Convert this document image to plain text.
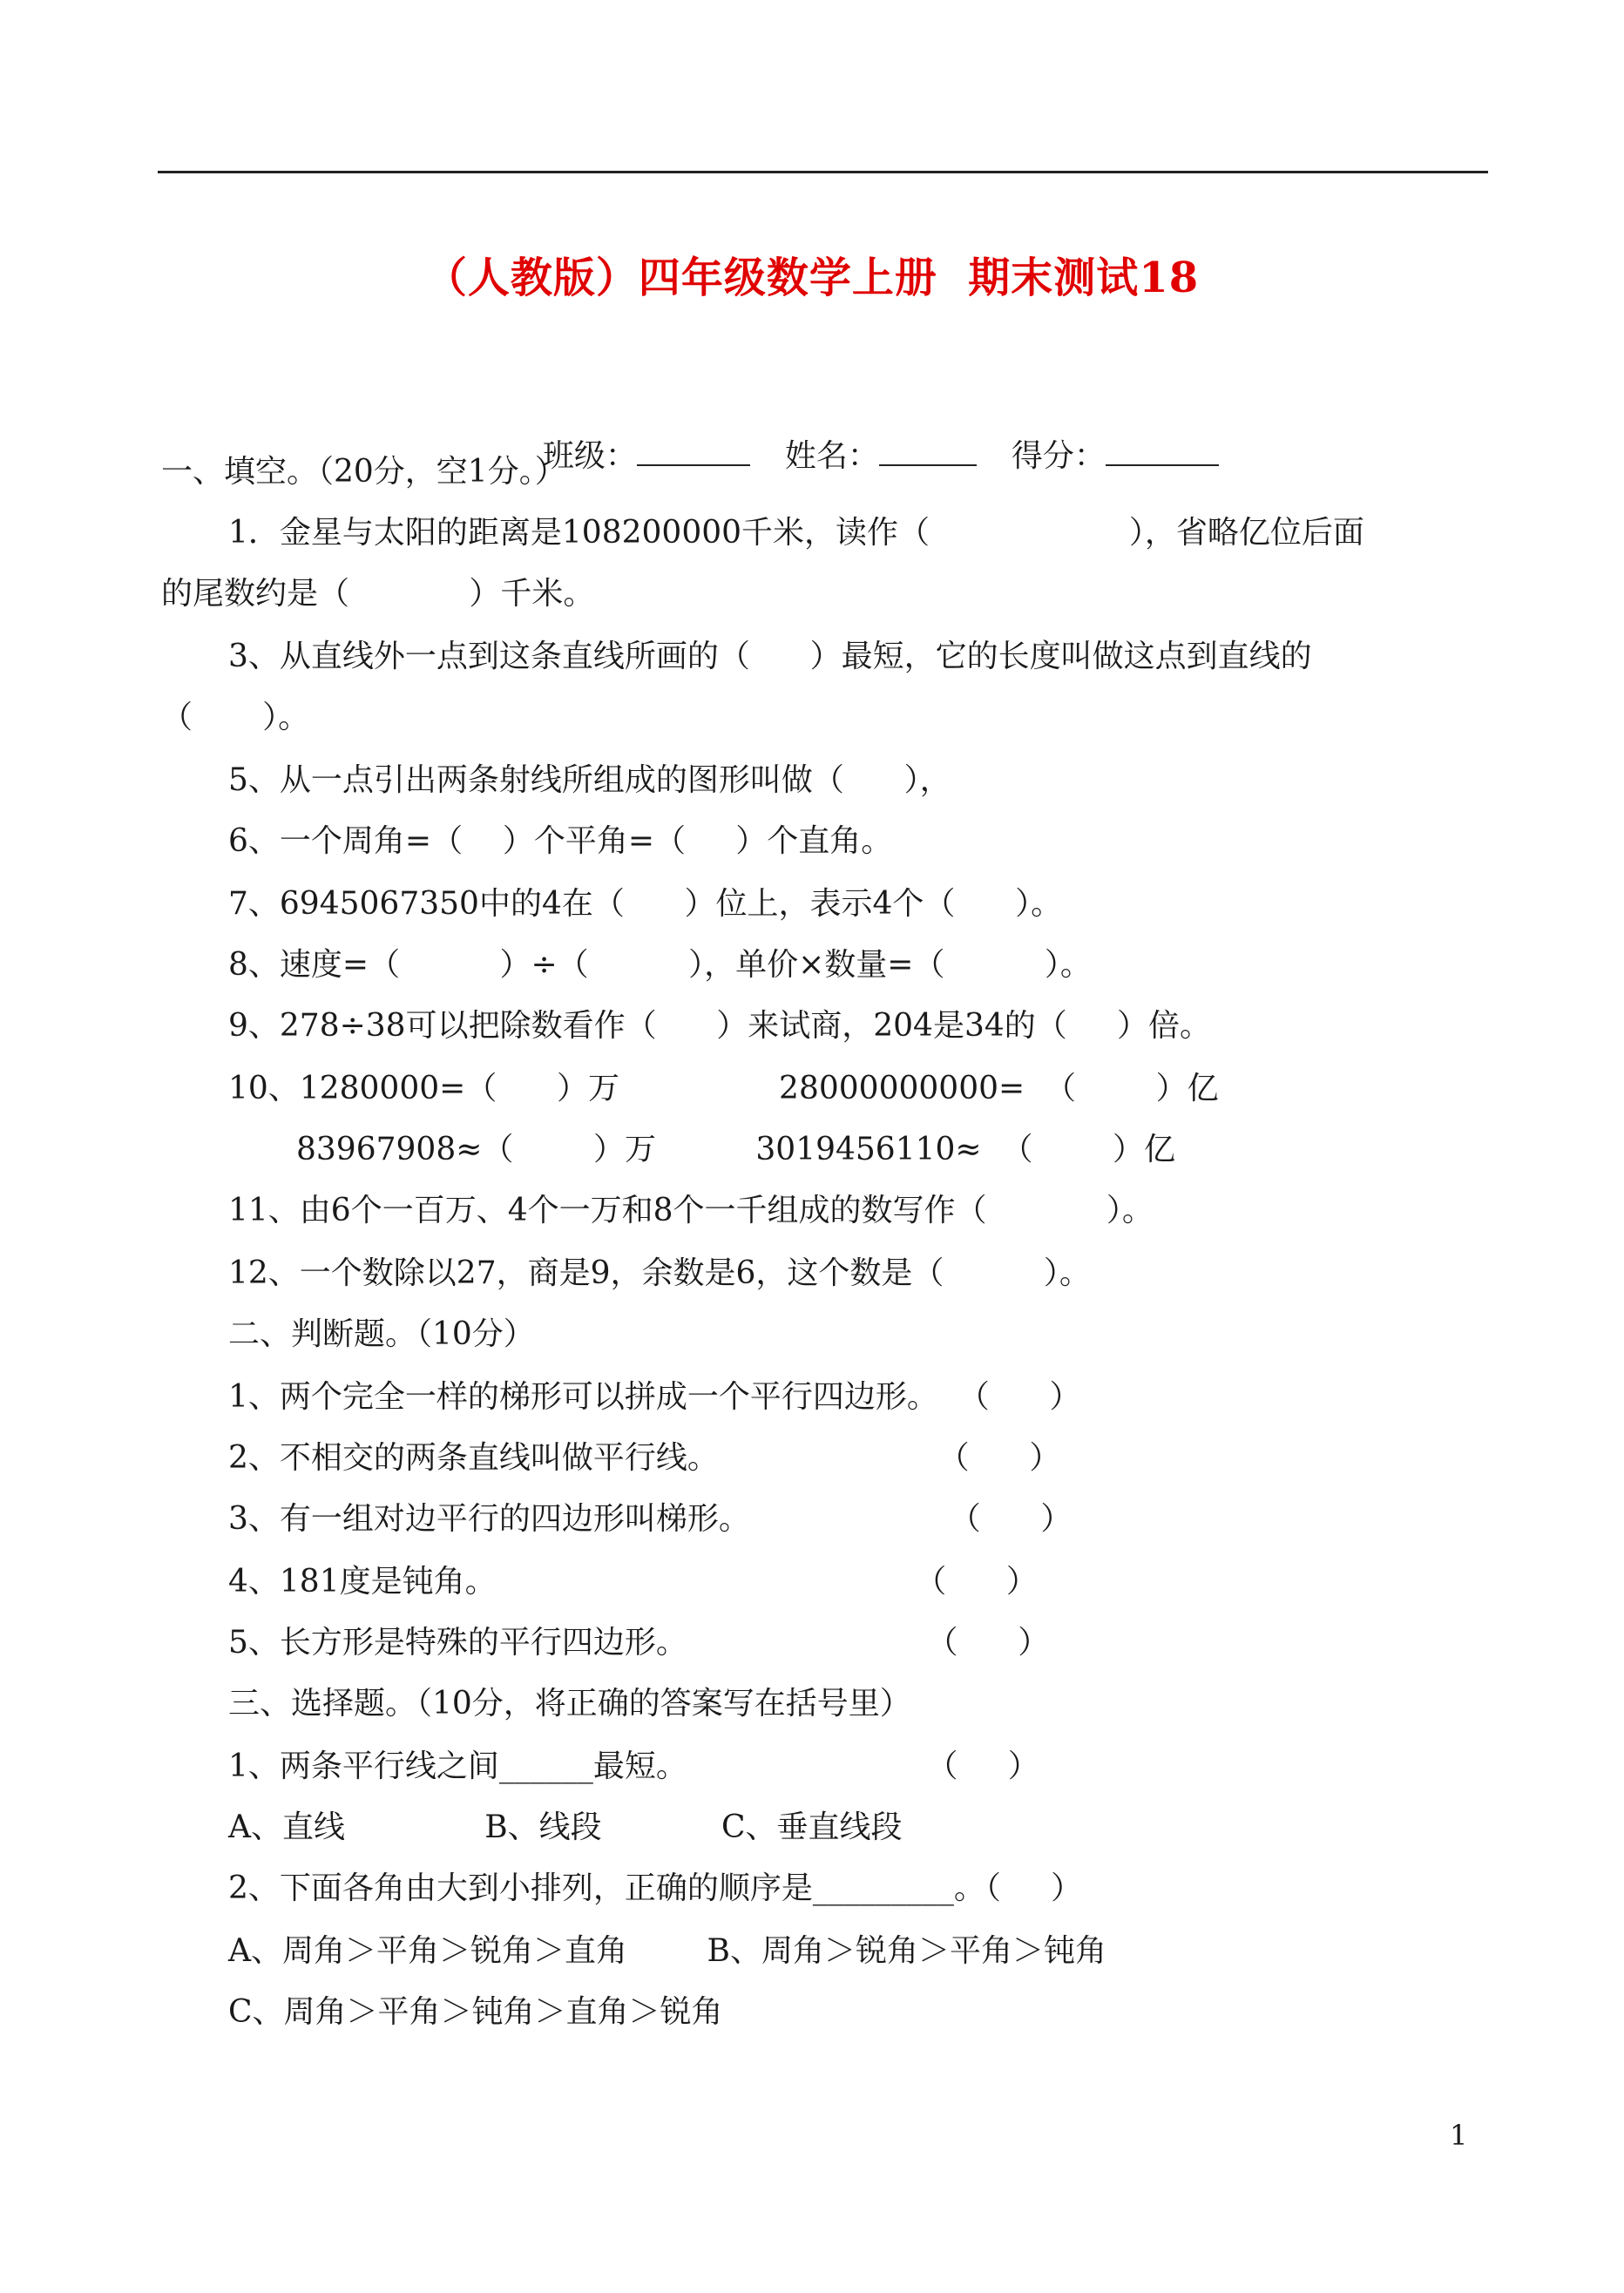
（人教版）四年级数学上册  期末测试18

班级：	姓名：	得分：

一、填空。（20分，空1分。）
1．金星与太阳的距离是108200000千米，读作（                    ），省略亿位后面
的尾数约是（            ）千米。
3、从直线外一点到这条直线所画的（      ）最短，它的长度叫做这点到直线的
（       ）。
5、从一点引出两条射线所组成的图形叫做（      ），
6、一个周角=（    ）个平角=（     ）个直角。
7、6945067350中的4在（      ）位上，表示4个（      ）。
8、速度=（          ）÷（          ），单价×数量=（          ）。
9、278÷38可以把除数看作（      ）来试商，204是34的（     ）倍。
10、1280000=（      ）万                28000000000=  （        ）亿
83967908≈（        ）万          3019456110≈  （        ）亿
11、由6个一百万、4个一万和8个一千组成的数写作（            ）。
12、一个数除以27，商是9，余数是6，这个数是（          ）。
二、判断题。（10分）
1、两个完全一样的梯形可以拼成一个平行四边形。  （      ）
2、不相交的两条直线叫做平行线。                      （      ）
3、有一组对边平行的四边形叫梯形。                    （      ）
4、181度是钝角。                                          （      ）
5、长方形是特殊的平行四边形。                        （      ）
三、选择题。（10分，将正确的答案写在括号里）
1、两条平行线之间______最短。                        （     ）
A、直线              B、线段            C、垂直线段
2、下面各角由大到小排列，正确的顺序是_________。（     ）
A、周角＞平角＞锐角＞直角        B、周角＞锐角＞平角＞钝角
C、周角＞平角＞钝角＞直角＞锐角
1
